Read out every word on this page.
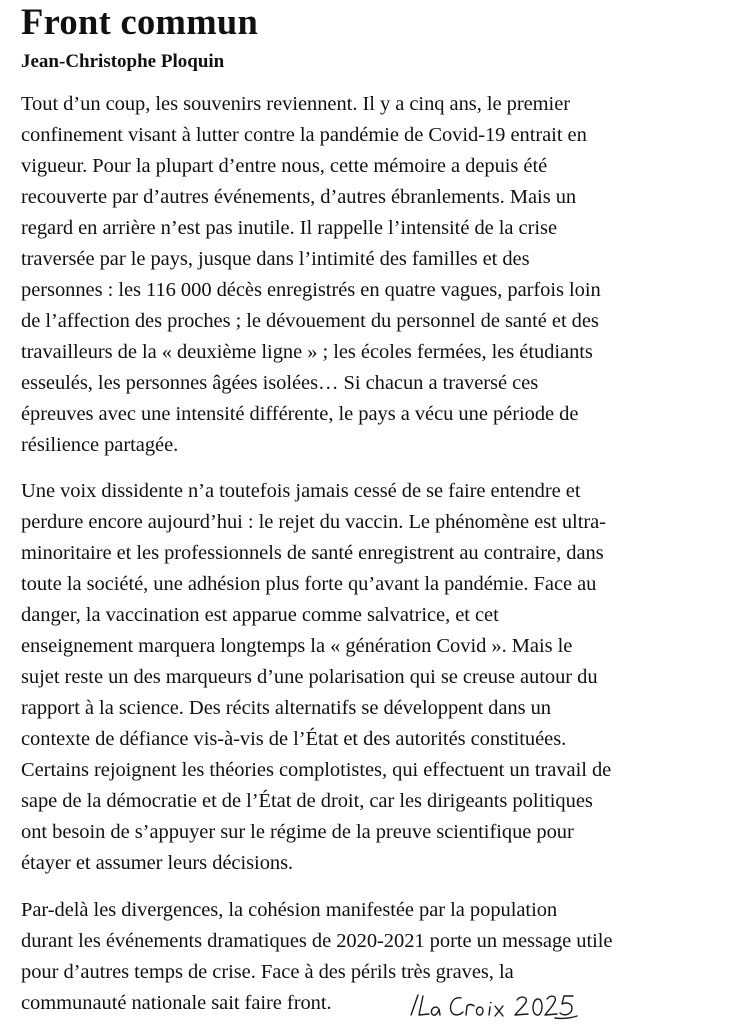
Front commun
Jean-Christophe Ploquin

Tout d’un coup, les souvenirs reviennent. Il y a cinq ans, le premier
confinement visant à lutter contre la pandémie de Covid-19 entrait en
vigueur. Pour la plupart d’entre nous, cette mémoire a depuis été
recouverte par d’autres événements, d’autres ébranlements. Mais un
regard en arrière n’est pas inutile. Il rappelle l’intensité de la crise
traversée par le pays, jusque dans l’intimité des familles et des
personnes : les 116 000 décès enregistrés en quatre vagues, parfois loin
de l’affection des proches ; le dévouement du personnel de santé et des
travailleurs de la « deuxième ligne » ; les écoles fermées, les étudiants
esseulés, les personnes âgées isolées… Si chacun a traversé ces
épreuves avec une intensité différente, le pays a vécu une période de
résilience partagée.

Une voix dissidente n’a toutefois jamais cessé de se faire entendre et
perdure encore aujourd’hui : le rejet du vaccin. Le phénomène est ultra-
minoritaire et les professionnels de santé enregistrent au contraire, dans
toute la société, une adhésion plus forte qu’avant la pandémie. Face au
danger, la vaccination est apparue comme salvatrice, et cet
enseignement marquera longtemps la « génération Covid ». Mais le
sujet reste un des marqueurs d’une polarisation qui se creuse autour du
rapport à la science. Des récits alternatifs se développent dans un
contexte de défiance vis-à-vis de l’État et des autorités constituées.
Certains rejoignent les théories complotistes, qui effectuent un travail de
sape de la démocratie et de l’État de droit, car les dirigeants politiques
ont besoin de s’appuyer sur le régime de la preuve scientifique pour
étayer et assumer leurs décisions.

Par-delà les divergences, la cohésion manifestée par la population
durant les événements dramatiques de 2020-2021 porte un message utile
pour d’autres temps de crise. Face à des périls très graves, la
communauté nationale sait faire front.
